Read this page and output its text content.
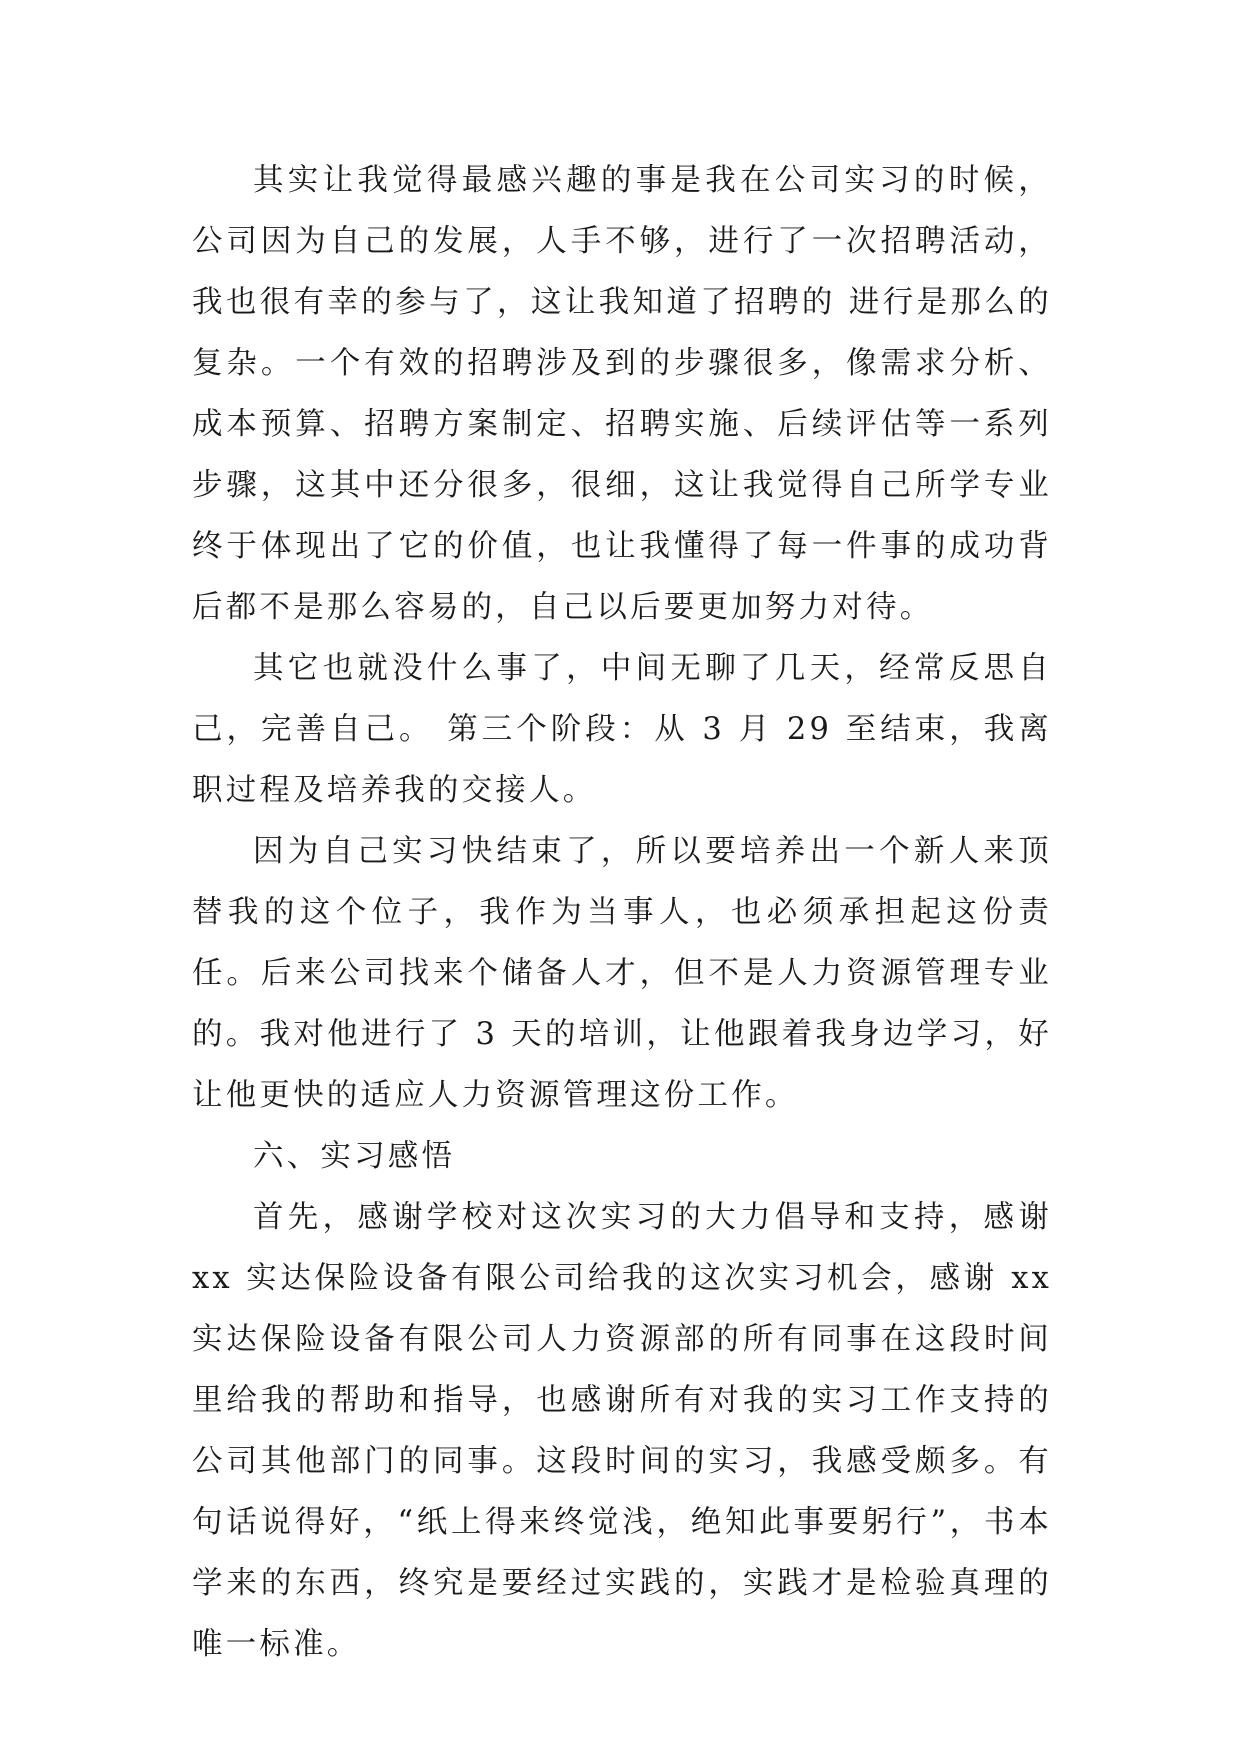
其实让我觉得最感兴趣的事是我在公司实习的时候，公司因为自己的发展，人手不够，进行了一次招聘活动，我也很有幸的参与了，这让我知道了招聘的 进行是那么的复杂。一个有效的招聘涉及到的步骤很多，像需求分析、成本预算、招聘方案制定、招聘实施、后续评估等一系列步骤，这其中还分很多，很细，这让我觉得自己所学专业终于体现出了它的价值，也让我懂得了每一件事的成功背后都不是那么容易的，自己以后要更加努力对待。

其它也就没什么事了，中间无聊了几天，经常反思自己，完善自己。 第三个阶段：从 3 月 29 至结束，我离职过程及培养我的交接人。

因为自己实习快结束了，所以要培养出一个新人来顶替我的这个位子，我作为当事人，也必须承担起这份责任。后来公司找来个储备人才，但不是人力资源管理专业的。我对他进行了 3 天的培训，让他跟着我身边学习，好让他更快的适应人力资源管理这份工作。

六、实习感悟

首先，感谢学校对这次实习的大力倡导和支持，感谢 xx 实达保险设备有限公司给我的这次实习机会，感谢 xx 实达保险设备有限公司人力资源部的所有同事在这段时间里给我的帮助和指导，也感谢所有对我的实习工作支持的公司其他部门的同事。这段时间的实习，我感受颇多。有句话说得好，“纸上得来终觉浅，绝知此事要躬行”，书本学来的东西，终究是要经过实践的，实践才是检验真理的唯一标准。
